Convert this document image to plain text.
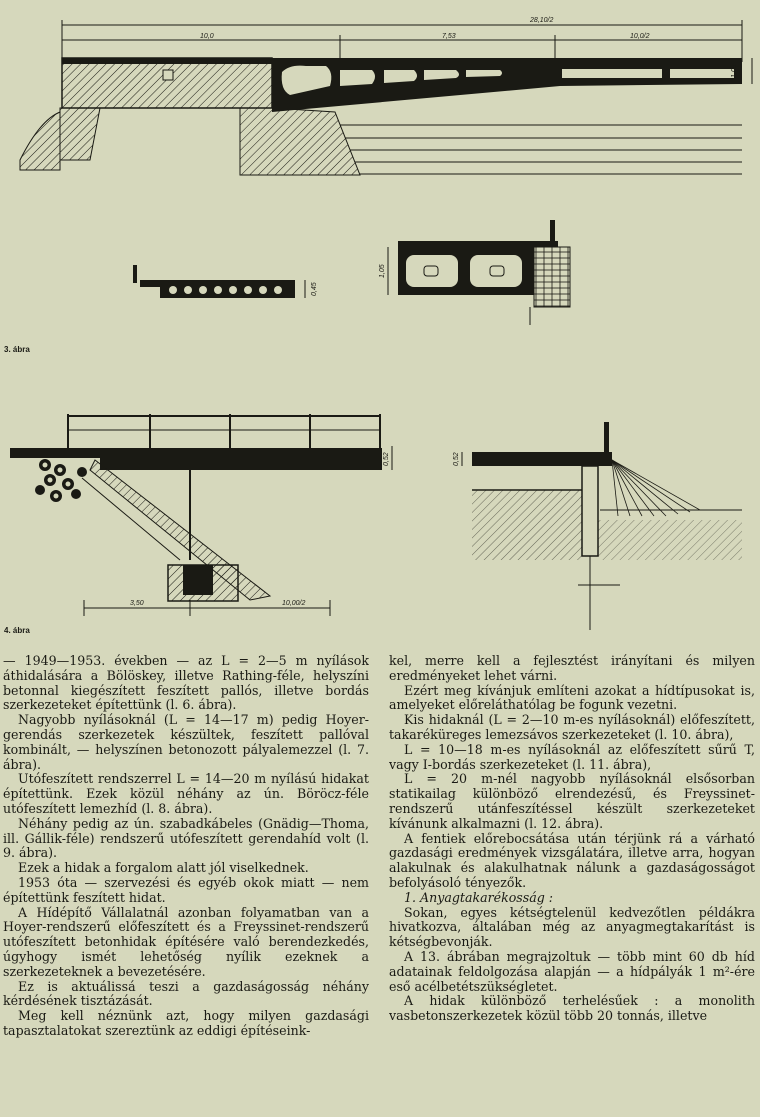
28,10/2
10,0	7,53	10,0/2
1,05
0,45
1,05
0,52
3,50	10,00/2
0,52
3. ábra
4. ábra

— 1949—1953. években — az L = 2—5 m nyílások áthidalására a Bölöskey, illetve Rathing-féle, helyszíni betonnal kiegészített feszített pallós, illetve bordás szerkezeteket építettünk (l. 6. ábra).

Nagyobb nyílásoknál (L = 14—17 m) pedig Hoyer-gerendás szerkezetek készültek, feszített pallóval kombinált, — helyszínen betonozott pályalemezzel (l. 7. ábra).

Utófeszített rendszerrel L = 14—20 m nyílású hidakat építettünk. Ezek közül néhány az ún. Böröcz-féle utófeszített lemezhíd (l. 8. ábra).

Néhány pedig az ún. szabadkábeles (Gnädig—Thoma, ill. Gállik-féle) rendszerű utófeszített gerendahíd volt (l. 9. ábra).

Ezek a hidak a forgalom alatt jól viselkednek.

1953 óta — szervezési és egyéb okok miatt — nem építettünk feszített hidat.

A Hídépítő Vállalatnál azonban folyamatban van a Hoyer-rendszerű előfeszített és a Freyssinet-rendszerű utófeszített betonhidak építésére való berendezkedés, úgyhogy ismét lehetőség nyílik ezeknek a szerkezeteknek a bevezetésére.

Ez is aktuálissá teszi a gazdaságosság néhány kérdésének tisztázását.

Meg kell néznünk azt, hogy milyen gazdasági tapasztalatokat szereztünk az eddigi építéseink-

kel, merre kell a fejlesztést irányítani és milyen eredményeket lehet várni.

Ezért meg kívánjuk említeni azokat a hídtípusokat is, amelyeket előreláthatólag be fogunk vezetni.

Kis hidaknál (L = 2—10 m-es nyílásoknál) előfeszített, takaréküreges lemezsávos szerkezeteket (l. 10. ábra),

L = 10—18 m-es nyílásoknál az előfeszített sűrű T, vagy I-bordás szerkezeteket (l. 11. ábra),

L = 20 m-nél nagyobb nyílásoknál elsősorban statikailag különböző elrendezésű, és Freyssinet-rendszerű utánfeszítéssel készült szerkezeteket kívánunk alkalmazni (l. 12. ábra).

A fentiek előrebocsátása után térjünk rá a várható gazdasági eredmények vizsgálatára, illetve arra, hogyan alakulnak és alakulhatnak nálunk a gazdaságosságot befolyásoló tényezők.

1. Anyagtakarékosság :

Sokan, egyes kétségtelenül kedvezőtlen példákra hivatkozva, általában még az anyagmegtakarítást is kétségbevonják.

A 13. ábrában megrajzoltuk — több mint 60 db híd adatainak feldolgozása alapján — a hídpályák 1 m²-ére eső acélbetétszükségletet.

A hidak különböző terhelésűek : a monolith vasbetonszerkezetek közül több 20 tonnás, illetve
